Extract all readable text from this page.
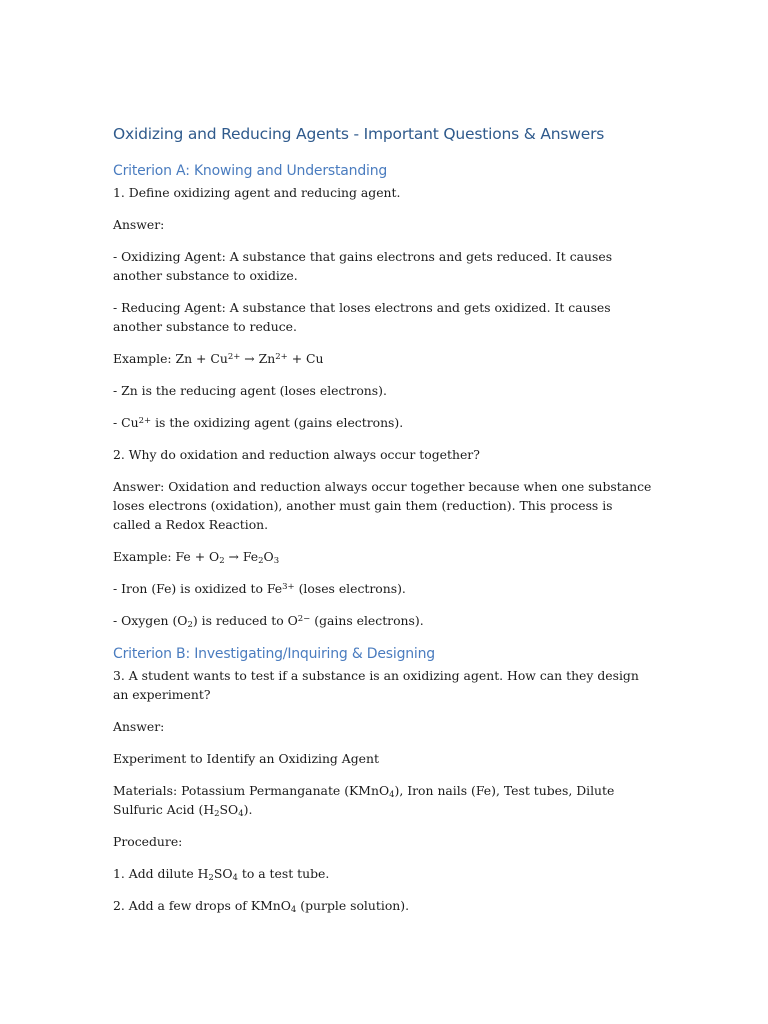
Oxidizing and Reducing Agents - Important Questions & Answers
Criterion A: Knowing and Understanding

1. Define oxidizing agent and reducing agent.

Answer:

- Oxidizing Agent: A substance that gains electrons and gets reduced. It causes another substance to oxidize.

- Reducing Agent: A substance that loses electrons and gets oxidized. It causes another substance to reduce.

Example: $Zn + Cu^{2+} \to Zn^{2+} + Cu$

- Zn is the reducing agent (loses electrons).

- $Cu^{2+}$ is the oxidizing agent (gains electrons).

2. Why do oxidation and reduction always occur together?

Answer: Oxidation and reduction always occur together because when one substance loses electrons (oxidation), another must gain them (reduction). This process is called a Redox Reaction.

Example: $Fe + O_2 \to Fe_2O_3$

- Iron (Fe) is oxidized to $Fe^{3+}$ (loses electrons).

- Oxygen $(O_2)$ is reduced to $O^{2-}$ (gains electrons).

Criterion B: Investigating/Inquiring & Designing

3. A student wants to test if a substance is an oxidizing agent. How can they design an experiment?

Answer:

Experiment to Identify an Oxidizing Agent

Materials: Potassium Permanganate (KMnO$_4$), Iron nails (Fe), Test tubes, Dilute Sulfuric Acid $(H_2SO_4)$.

Procedure:

1. Add dilute $H_2SO_4$ to a test tube.

2. Add a few drops of KMnO$_4$ (purple solution).
